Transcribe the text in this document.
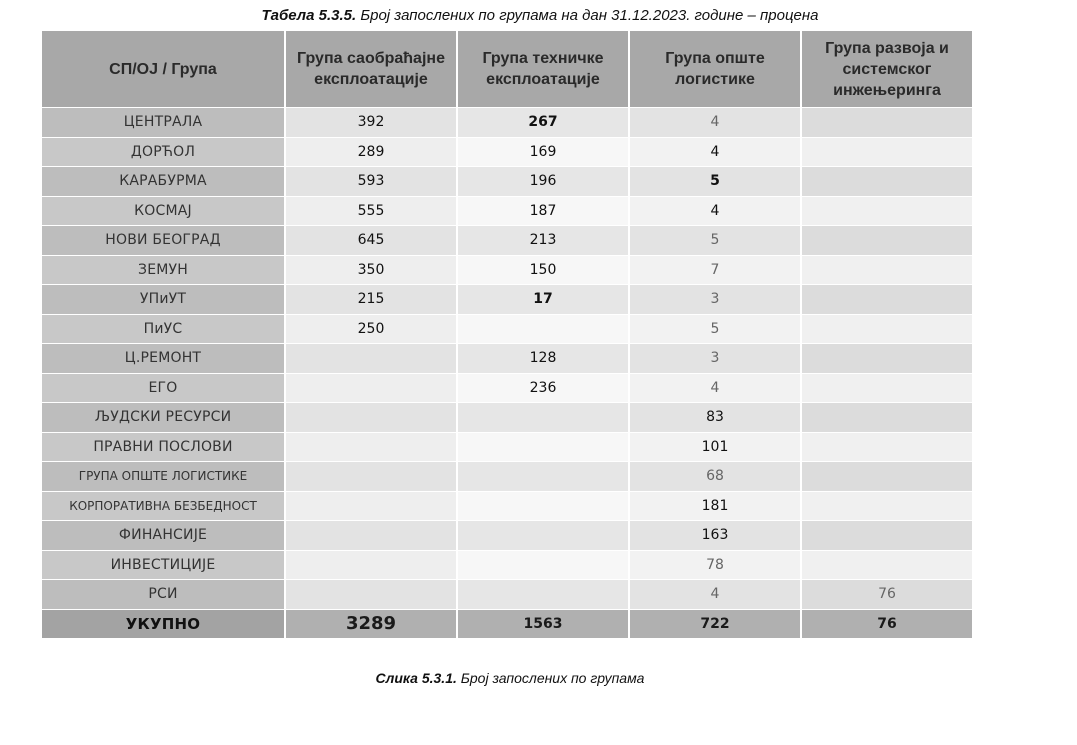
Табела 5.3.5. Број запослених по групама на дан 31.12.2023. године – процена
СП/ОЈ / Група	Група саобраћајне експлоатације	Група техничке експлоатације	Група опште логистике	Група развоја и системског инжењеринга
ЦЕНТРАЛА	392	267	4	
ДОРЋОЛ	289	169	4	
КАРАБУРМА	593	196	5	
КОСМАЈ	555	187	4	
НОВИ БЕОГРАД	645	213	5	
ЗЕМУН	350	150	7	
УПиУТ	215	17	3	
ПиУС	250		5	
Ц.РЕМОНТ		128	3	
ЕГО		236	4	
ЉУДСКИ РЕСУРСИ			83	
ПРАВНИ ПОСЛОВИ			101	
ГРУПА ОПШТЕ ЛОГИСТИКЕ			68	
КОРПОРАТИВНА БЕЗБЕДНОСТ			181	
ФИНАНСИЈЕ			163	
ИНВЕСТИЦИЈЕ			78	
РСИ			4	76
УКУПНО	3289	1563	722	76
Слика 5.3.1. Број запослених по групама
